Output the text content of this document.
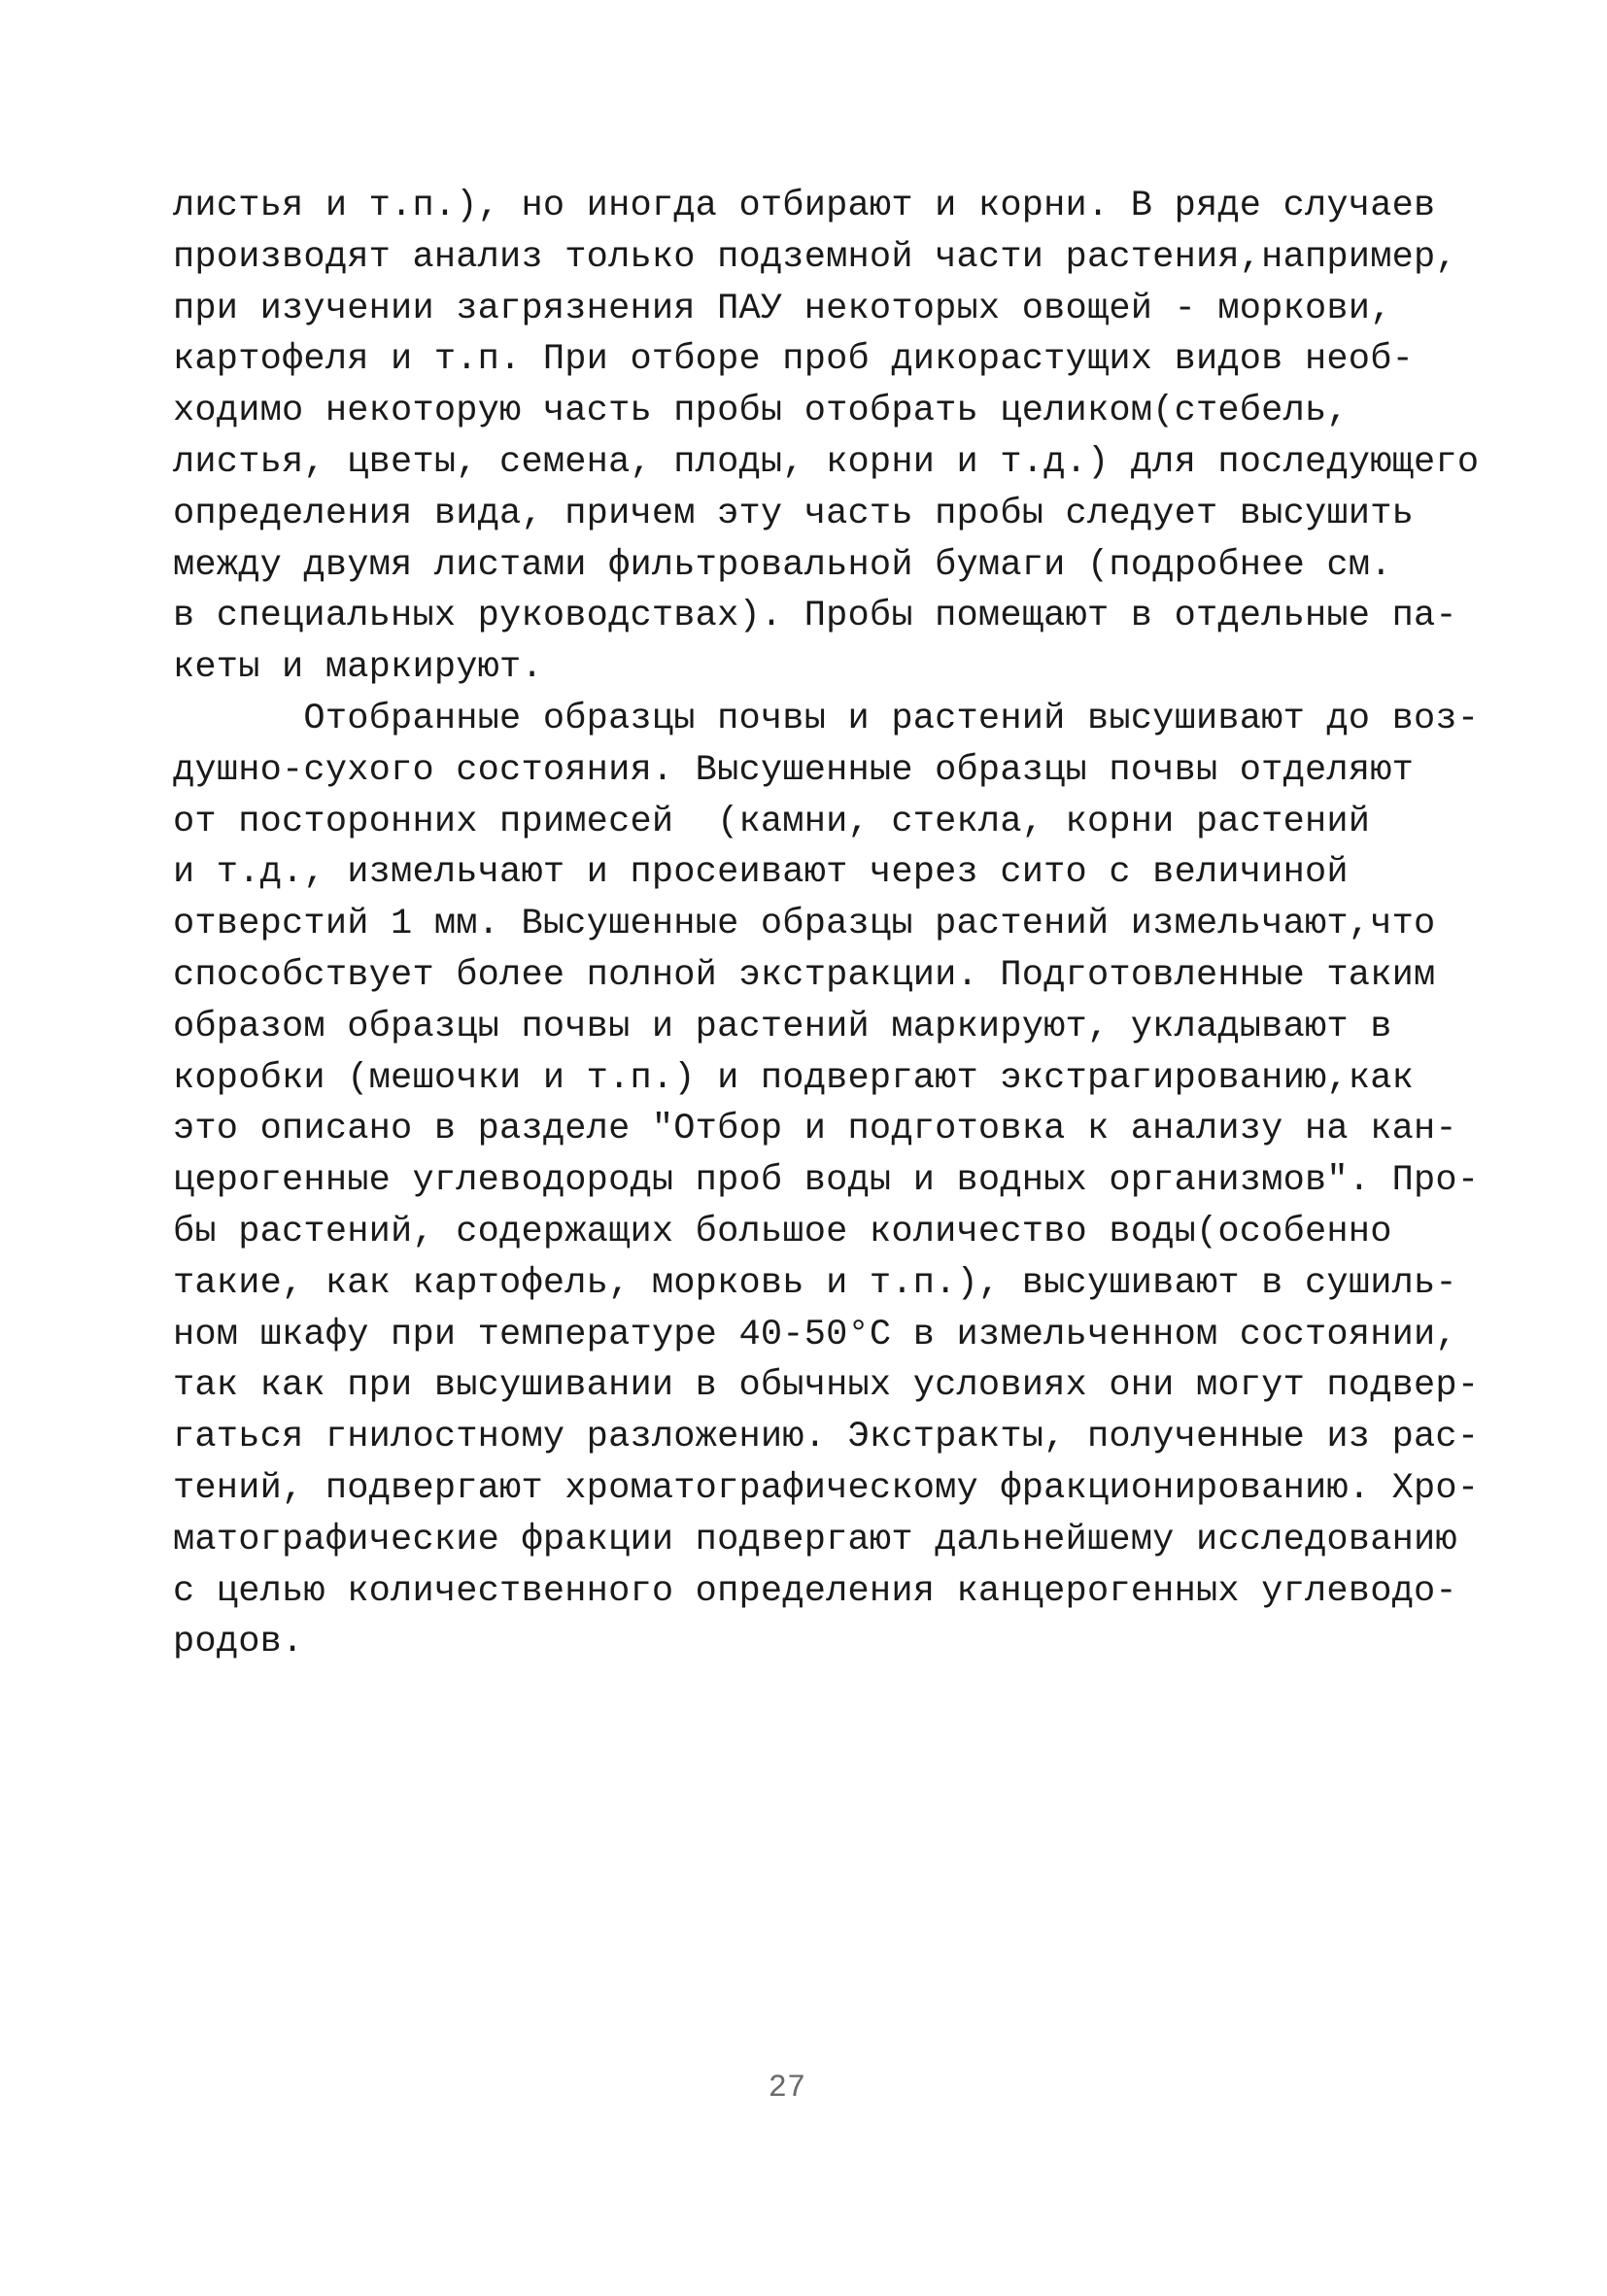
листья и т.п.), но иногда отбирают и корни. В ряде случаев
производят анализ только подземной части растения,например,
при изучении загрязнения ПАУ некоторых овощей - моркови,
картофеля и т.п. При отборе проб дикорастущих видов необ-
ходимо некоторую часть пробы отобрать целиком(стебель,
листья, цветы, семена, плоды, корни и т.д.) для последующего
определения вида, причем эту часть пробы следует высушить
между двумя листами фильтровальной бумаги (подробнее см.
в специальных руководствах). Пробы помещают в отдельные па-
кеты и маркируют.
Отобранные образцы почвы и растений высушивают до воз-
душно-сухого состояния. Высушенные образцы почвы отделяют
от посторонних примесей  (камни, стекла, корни растений
и т.д., измельчают и просеивают через сито с величиной
отверстий 1 мм. Высушенные образцы растений измельчают,что
способствует более полной экстракции. Подготовленные таким
образом образцы почвы и растений маркируют, укладывают в
коробки (мешочки и т.п.) и подвергают экстрагированию,как
это описано в разделе "Отбор и подготовка к анализу на кан-
церогенные углеводороды проб воды и водных организмов". Про-
бы растений, содержащих большое количество воды(особенно
такие, как картофель, морковь и т.п.), высушивают в сушиль-
ном шкафу при температуре 40-50°С в измельченном состоянии,
так как при высушивании в обычных условиях они могут подвер-
гаться гнилостному разложению. Экстракты, полученные из рас-
тений, подвергают хроматографическому фракционированию. Хро-
матографические фракции подвергают дальнейшему исследованию
с целью количественного определения канцерогенных углеводо-
родов.
27
